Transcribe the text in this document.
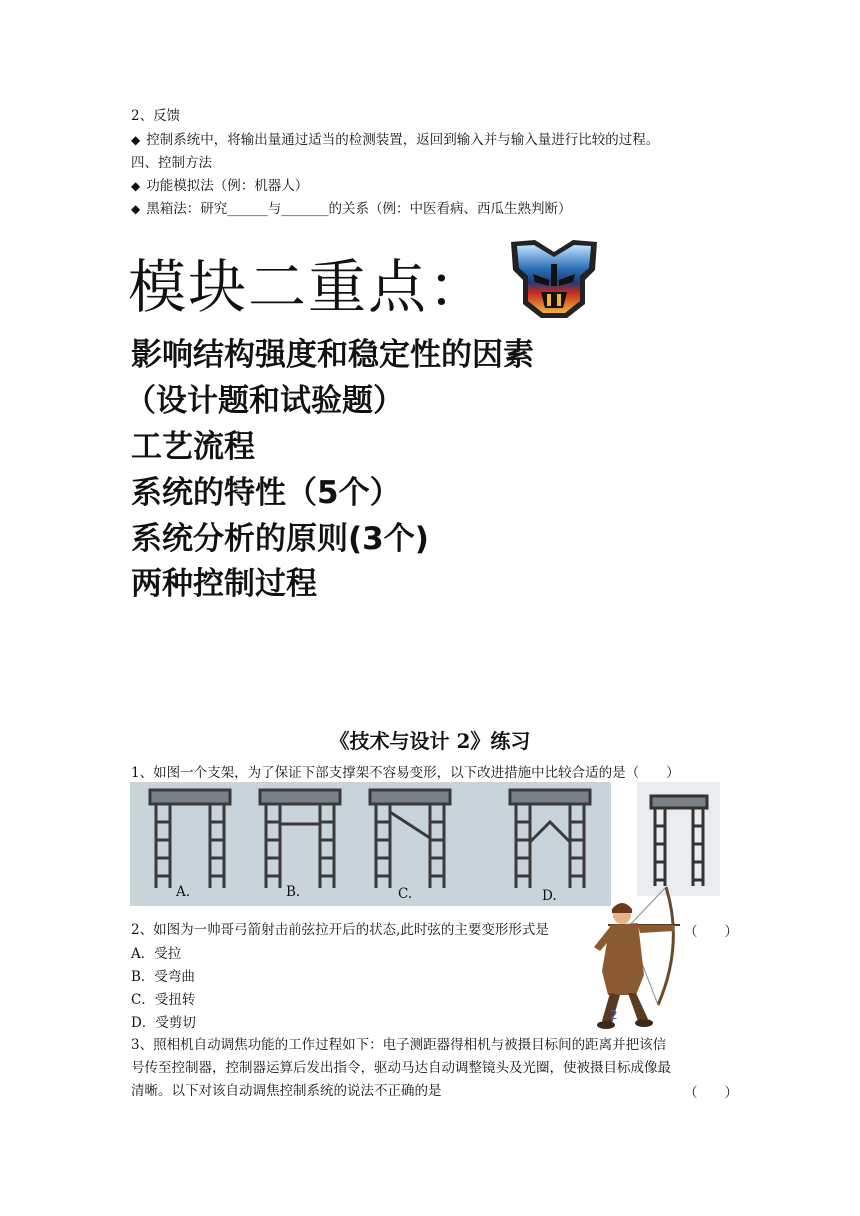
2、反馈
◆ 控制系统中，将输出量通过适当的检测装置，返回到输入并与输入量进行比较的过程。
四、控制方法
◆ 功能模拟法（例：机器人）
◆ 黑箱法：研究______与_______的关系（例：中医看病、西瓜生熟判断）
模块二重点：
影响结构强度和稳定性的因素
（设计题和试验题）
工艺流程
系统的特性（5个）
系统分析的原则(3个)
两种控制过程
《技术与设计 2》练习
1、如图一个支架，为了保证下部支撑架不容易变形，以下改进措施中比较合适的是（　　）
A.	B.	C.	D.
2、如图为一帅哥弓箭射击前弦拉开后的状态,此时弦的主要变形形式是	（　　）
A．受拉
B．受弯曲
C．受扭转
D．受剪切	2
3、照相机自动调焦功能的工作过程如下：电子测距器得相机与被摄目标间的距离并把该信
号传至控制器，控制器运算后发出指令，驱动马达自动调整镜头及光圈，使被摄目标成像最
清晰。以下对该自动调焦控制系统的说法不正确的是	（　　）
